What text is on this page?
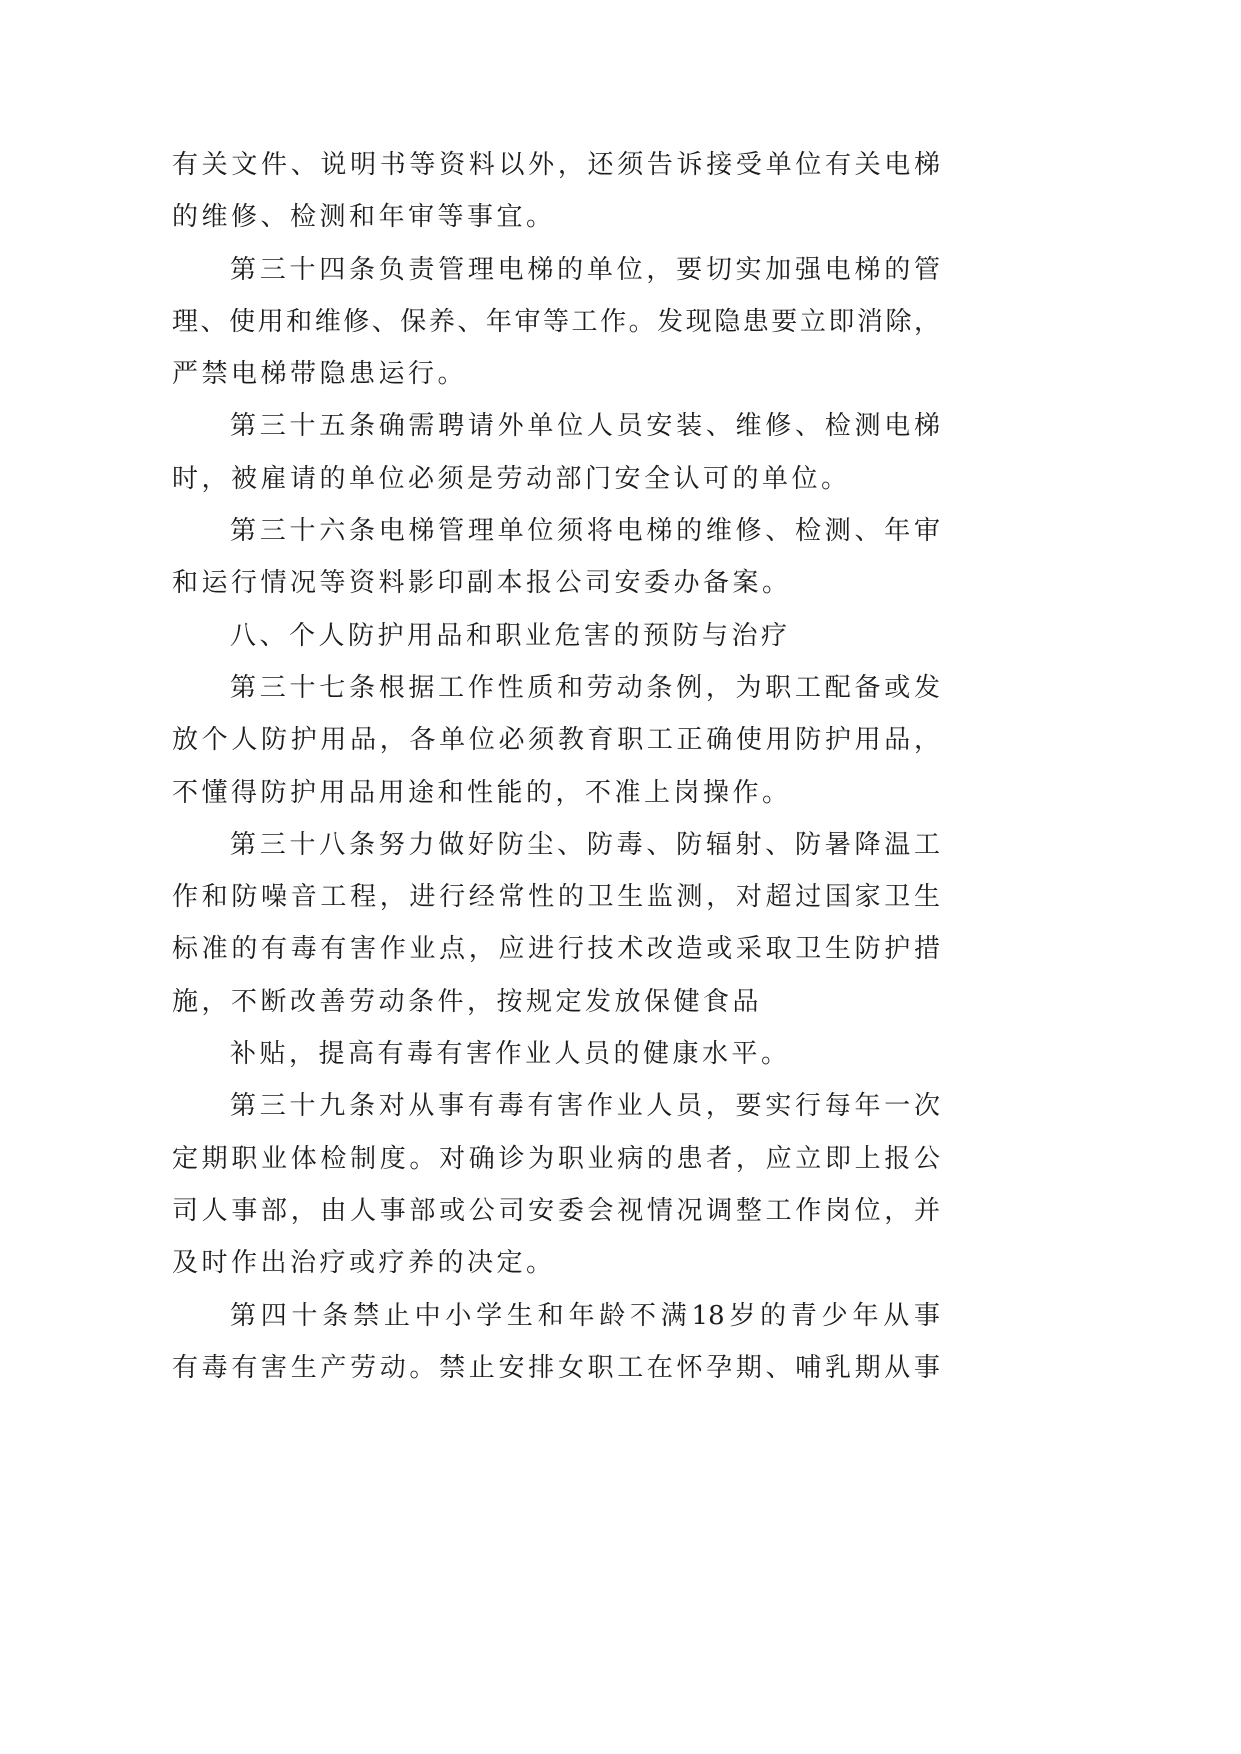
有关文件、说明书等资料以外，还须告诉接受单位有关电梯
的维修、检测和年审等事宜。
第三十四条负责管理电梯的单位，要切实加强电梯的管
理、使用和维修、保养、年审等工作。发现隐患要立即消除，
严禁电梯带隐患运行。
第三十五条确需聘请外单位人员安装、维修、检测电梯
时，被雇请的单位必须是劳动部门安全认可的单位。
第三十六条电梯管理单位须将电梯的维修、检测、年审
和运行情况等资料影印副本报公司安委办备案。
八、个人防护用品和职业危害的预防与治疗
第三十七条根据工作性质和劳动条例，为职工配备或发
放个人防护用品，各单位必须教育职工正确使用防护用品，
不懂得防护用品用途和性能的，不准上岗操作。
第三十八条努力做好防尘、防毒、防辐射、防暑降温工
作和防噪音工程，进行经常性的卫生监测，对超过国家卫生
标准的有毒有害作业点，应进行技术改造或采取卫生防护措
施，不断改善劳动条件，按规定发放保健食品
补贴，提高有毒有害作业人员的健康水平。
第三十九条对从事有毒有害作业人员，要实行每年一次
定期职业体检制度。对确诊为职业病的患者，应立即上报公
司人事部，由人事部或公司安委会视情况调整工作岗位，并
及时作出治疗或疗养的决定。
第四十条禁止中小学生和年龄不满18岁的青少年从事
有毒有害生产劳动。禁止安排女职工在怀孕期、哺乳期从事
